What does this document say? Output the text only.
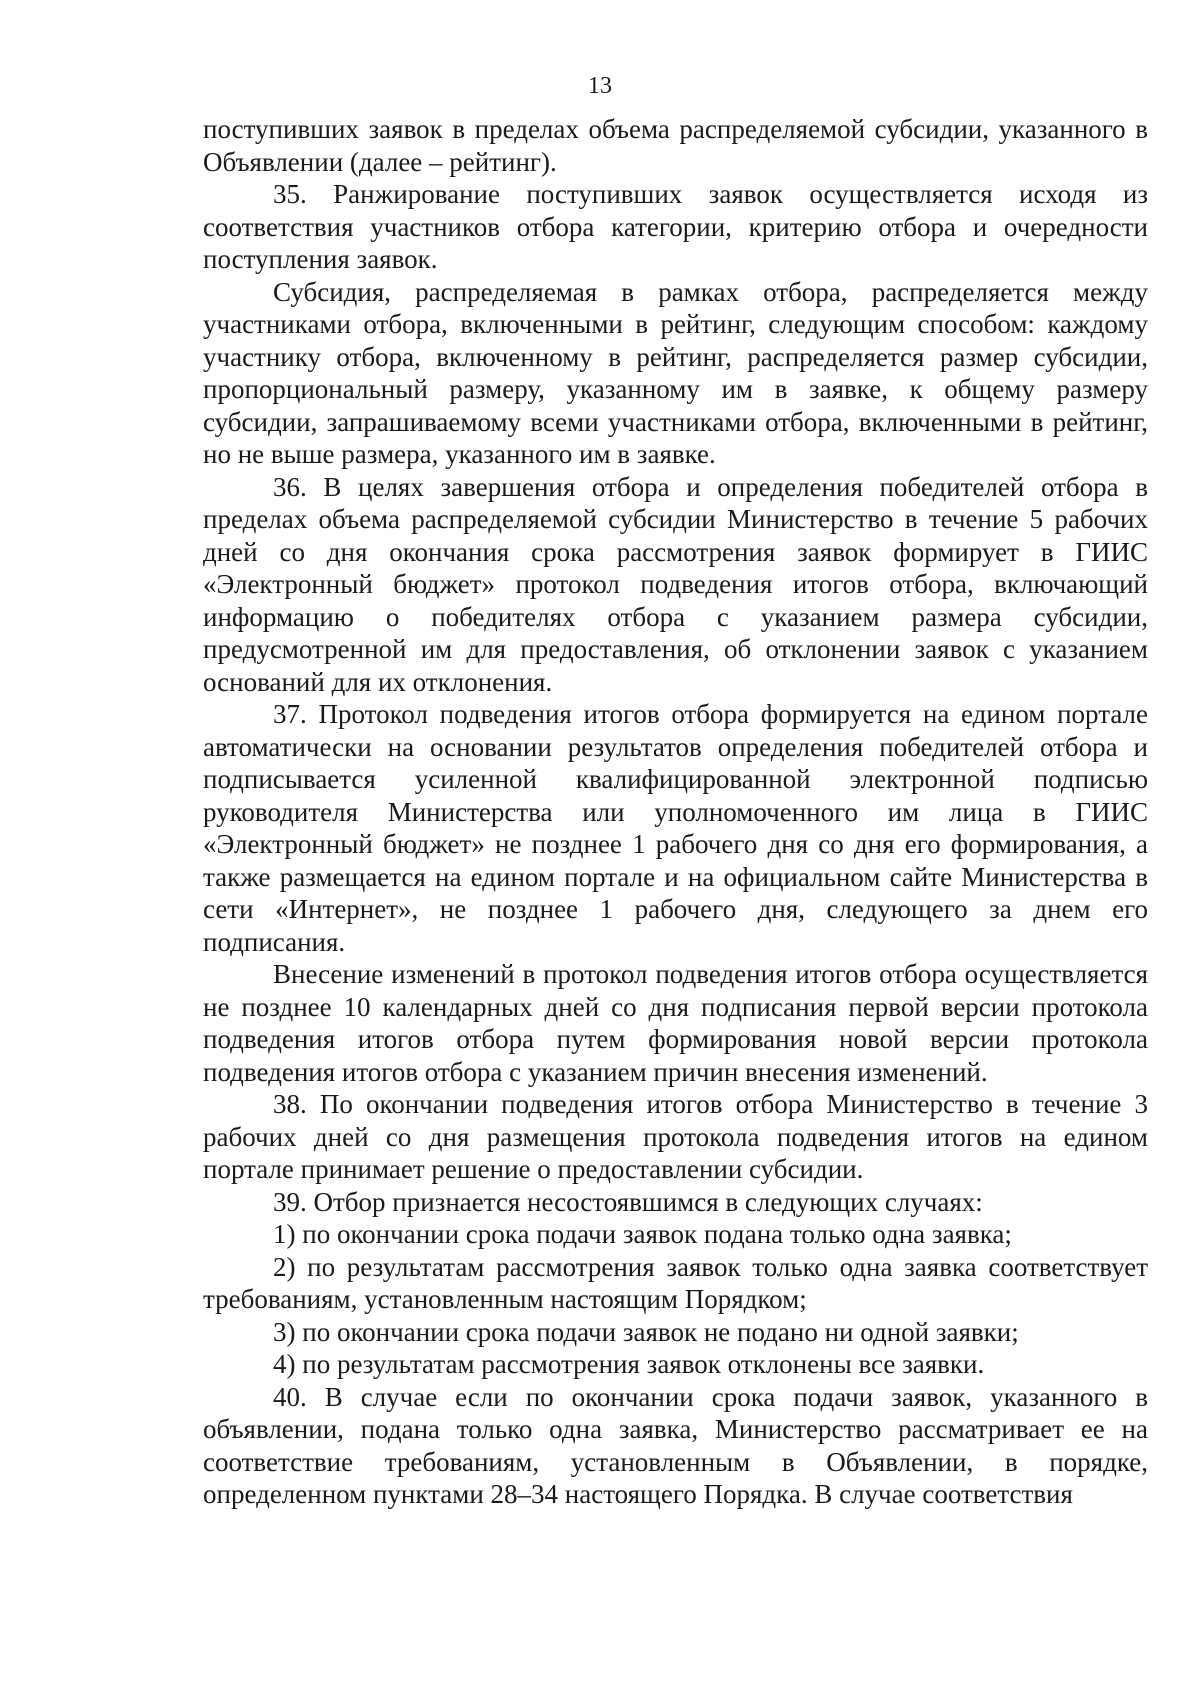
13

поступивших заявок в пределах объема распределяемой субсидии, указанного в Объявлении (далее – рейтинг).

35. Ранжирование поступивших заявок осуществляется исходя из соответствия участников отбора категории, критерию отбора и очередности поступления заявок.

Субсидия, распределяемая в рамках отбора, распределяется между участниками отбора, включенными в рейтинг, следующим способом: каждому участнику отбора, включенному в рейтинг, распределяется размер субсидии, пропорциональный размеру, указанному им в заявке, к общему размеру субсидии, запрашиваемому всеми участниками отбора, включенными в рейтинг, но не выше размера, указанного им в заявке.

36. В целях завершения отбора и определения победителей отбора в пределах объема распределяемой субсидии Министерство в течение 5 рабочих дней со дня окончания срока рассмотрения заявок формирует в ГИИС «Электронный бюджет» протокол подведения итогов отбора, включающий информацию о победителях отбора с указанием размера субсидии, предусмотренной им для предоставления, об отклонении заявок с указанием оснований для их отклонения.

37. Протокол подведения итогов отбора формируется на едином портале автоматически на основании результатов определения победителей отбора и подписывается усиленной квалифицированной электронной подписью руководителя Министерства или уполномоченного им лица в ГИИС «Электронный бюджет» не позднее 1 рабочего дня со дня его формирования, а также размещается на едином портале и на официальном сайте Министерства в сети «Интернет», не позднее 1 рабочего дня, следующего за днем его подписания.

Внесение изменений в протокол подведения итогов отбора осуществляется не позднее 10 календарных дней со дня подписания первой версии протокола подведения итогов отбора путем формирования новой версии протокола подведения итогов отбора с указанием причин внесения изменений.

38. По окончании подведения итогов отбора Министерство в течение 3 рабочих дней со дня размещения протокола подведения итогов на едином портале принимает решение о предоставлении субсидии.

39. Отбор признается несостоявшимся в следующих случаях:

1) по окончании срока подачи заявок подана только одна заявка;

2) по результатам рассмотрения заявок только одна заявка соответствует требованиям, установленным настоящим Порядком;

3) по окончании срока подачи заявок не подано ни одной заявки;

4) по результатам рассмотрения заявок отклонены все заявки.

40. В случае если по окончании срока подачи заявок, указанного в объявлении, подана только одна заявка, Министерство рассматривает ее на соответствие требованиям, установленным в Объявлении, в порядке, определенном пунктами 28–34 настоящего Порядка. В случае соответствия
